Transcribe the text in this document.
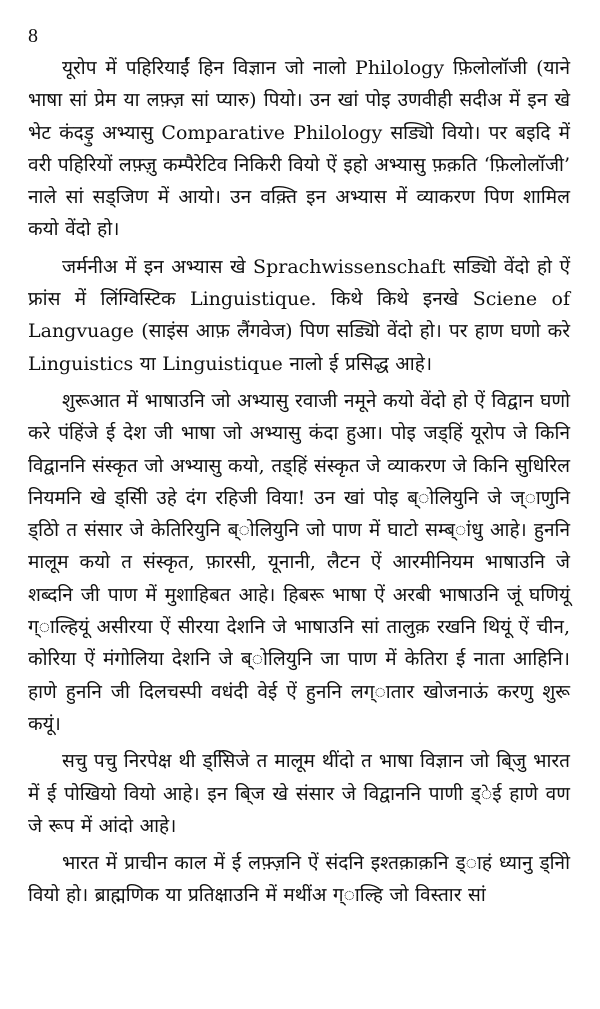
8

यूरोप में पहिरियाईं हिन विज्ञान जो नालो Philology फ़िलोलॉजी (याने भाषा सां प्रेम या लफ़्ज़ सां प्यारु) पियो। उन खां पोइ उणवीही सदीअ में इन खे भेट कंदड़ु अभ्यासु Comparative Philology सड्यिो वियो। पर बइदि में वरी पहिरियों लफ़्ज़ु कम्पैरेटिव निकिरी वियो ऐं इहो अभ्यासु फ़क़ति ‘फ़िलोलॉजी’ नाले सां सड्जिण में आयो। उन वक़्ति इन अभ्यास में व्याकरण पिण शामिल कयो वेंदो हो।

जर्मनीअ में इन अभ्यास खे Sprachwissenschaft सड्यिो वेंदो हो ऐं फ्रांस में लिंग्विस्टिक Linguistique. किथे किथे इनखे Sciene of Langvuage (साइंस आफ़ लैंगवेज) पिण सड्यिो वेंदो हो। पर हाण घणो करे Linguistics या Linguistique नालो ई प्रसिद्ध आहे।

शुरूआत में भाषाउनि जो अभ्यासु रवाजी नमूने कयो वेंदो हो ऐं विद्वान घणो करे पंहिंजे ई देश जी भाषा जो अभ्यासु कंदा हुआ। पोइ जड्हिं यूरोप जे किनि विद्वाननि संस्कृत जो अभ्यासु कयो, तड्हिं संस्कृत जे व्याकरण जे किनि सुधिरिल नियमनि खे ड्सिी उहे दंग रहिजी विया! उन खां पोइ ब्ोलियुनि जे ज्ाणुनि ड्ठिो त संसार जे केतिरियुनि ब्ोलियुनि जो पाण में घाटो सम्ब्ांधु आहे। हुननि मालूम कयो त संस्कृत, फ़ारसी, यूनानी, लैटन ऐं आरमीनियम भाषाउनि जे शब्दनि जी पाण में मुशाहिबत आहे। हिबरू भाषा ऐं अरबी भाषाउनि जूं घणियूं ग्ाल्हियूं असीरया ऐं सीरया देशनि जे भाषाउनि सां तालुक़ रखनि थियूं ऐं चीन, कोरिया ऐं मंगोलिया देशनि जे ब्ोलियुनि जा पाण में केतिरा ई नाता आहिनि। हाणे हुननि जी दिलचस्पी वधंदी वेई ऐं हुननि लग्ातार खोजनाऊं करणु शुरू कयूं।

सचु पचु निरपेक्ष थी ड्सििजे त मालूम थींदो त भाषा विज्ञान जो बि्जु भारत में ई पोखियो वियो आहे। इन बि्ज खे संसार जे विद्वाननि पाणी ड्ेई हाणे वण जे रूप में आंदो आहे।

भारत में प्राचीन काल में ई लफ़्ज़नि ऐं संदनि इश्तक़ाक़नि ड्ाहं ध्यानु ड्निो वियो हो। ब्राह्मणिक या प्रतिक्षाउनि में मथींअ ग्ाल्हि जो विस्तार सां
